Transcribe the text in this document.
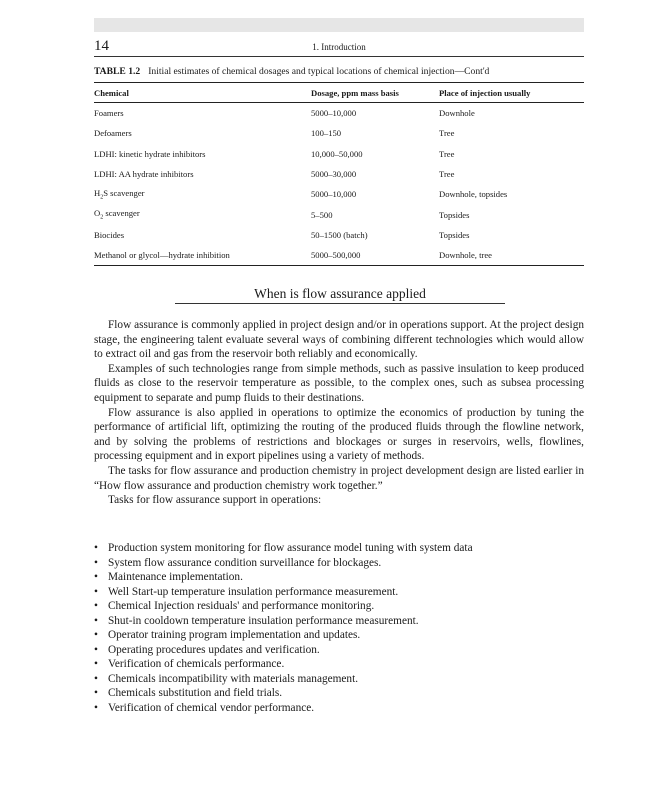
14	1. Introduction
TABLE 1.2 Initial estimates of chemical dosages and typical locations of chemical injection—Cont'd
Chemical	Dosage, ppm mass basis	Place of injection usually
Foamers	5000–10,000	Downhole
Defoamers	100–150	Tree
LDHI: kinetic hydrate inhibitors	10,000–50,000	Tree
LDHI: AA hydrate inhibitors	5000–30,000	Tree
$H_2S$ scavenger	5000–10,000	Downhole, topsides
$O_2$ scavenger	5–500	Topsides
Biocides	50–1500 (batch)	Topsides
Methanol or glycol—hydrate inhibition	5000–500,000	Downhole, tree
When is flow assurance applied

Flow assurance is commonly applied in project design and/or in operations support. At the project design stage, the engineering talent evaluate several ways of combining different technologies which would allow to extract oil and gas from the reservoir both reliably and economically.

Examples of such technologies range from simple methods, such as passive insulation to keep produced fluids as close to the reservoir temperature as possible, to the complex ones, such as subsea processing equipment to separate and pump fluids to their destinations.

Flow assurance is also applied in operations to optimize the economics of production by tuning the performance of artificial lift, optimizing the routing of the produced fluids through the flowline network, and by solving the problems of restrictions and blockages or surges in reservoirs, wells, flowlines, processing equipment and in export pipelines using a variety of methods.

The tasks for flow assurance and production chemistry in project development design are listed earlier in “How flow assurance and production chemistry work together.”

Tasks for flow assurance support in operations:

• Production system monitoring for flow assurance model tuning with system data
• System flow assurance condition surveillance for blockages.
• Maintenance implementation.
• Well Start-up temperature insulation performance measurement.
• Chemical Injection residuals' and performance monitoring.
• Shut-in cooldown temperature insulation performance measurement.
• Operator training program implementation and updates.
• Operating procedures updates and verification.
• Verification of chemicals performance.
• Chemicals incompatibility with materials management.
• Chemicals substitution and field trials.
• Verification of chemical vendor performance.
